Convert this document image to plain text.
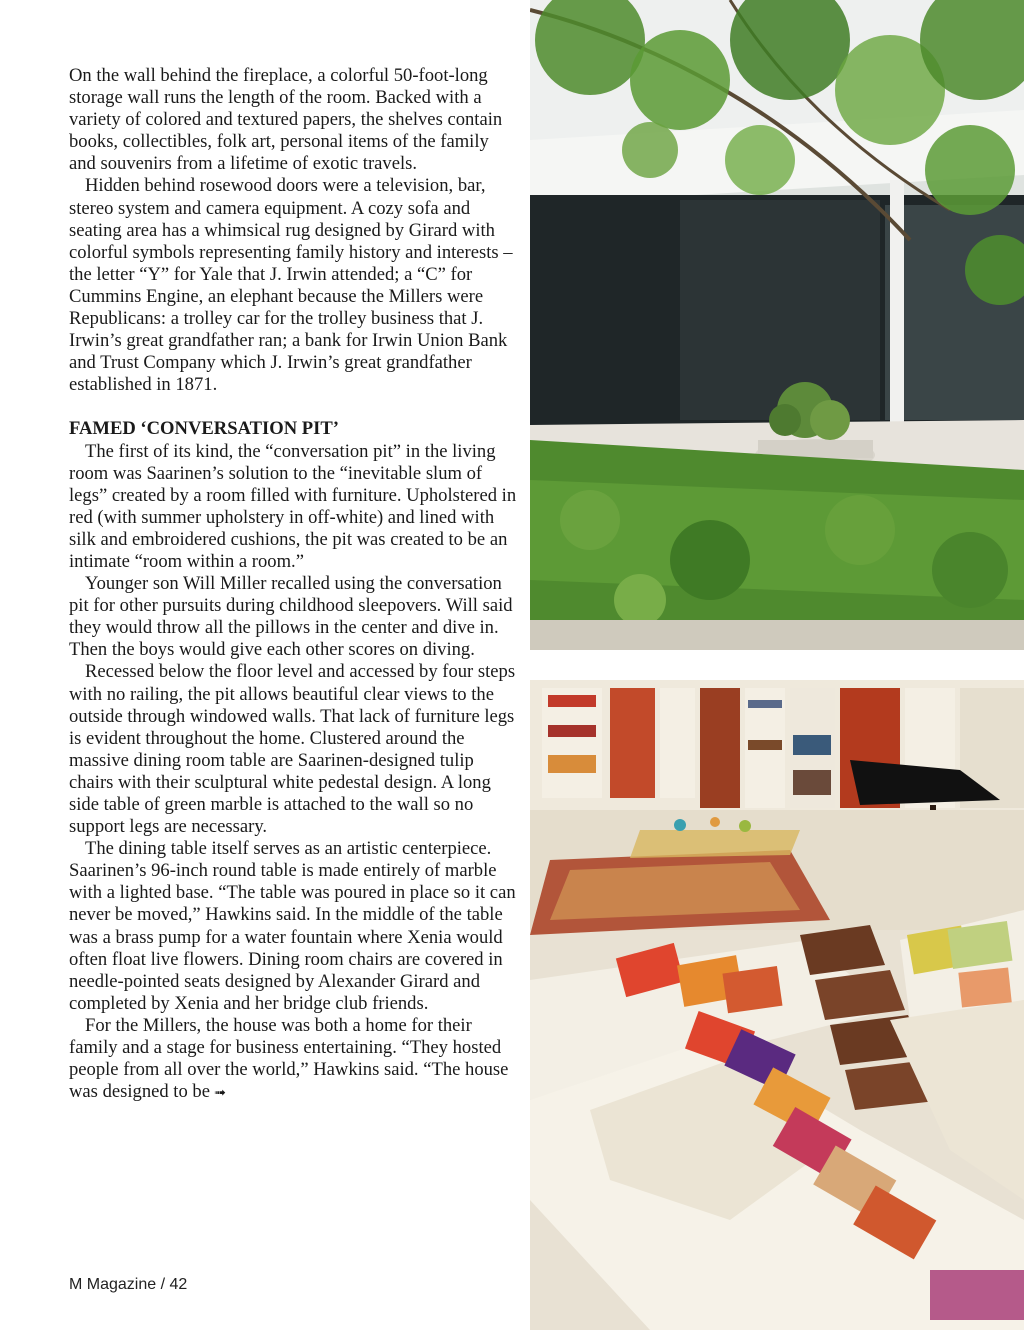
On the wall behind the fireplace, a colorful 50-foot-long storage wall runs the length of the room. Backed with a variety of colored and textured papers, the shelves contain books, collectibles, folk art, personal items of the family and souvenirs from a lifetime of exotic travels.

Hidden behind rosewood doors were a television, bar, stereo system and camera equipment. A cozy sofa and seating area has a whimsical rug designed by Girard with colorful symbols representing family history and interests – the letter “Y” for Yale that J. Irwin attended; a “C” for Cummins Engine, an elephant because the Millers were Republicans: a trolley car for the trolley business that J. Irwin’s great grandfather ran; a bank for Irwin Union Bank and Trust Company which J. Irwin’s great grandfather established in 1871.

FAMED ‘CONVERSATION PIT’

The first of its kind, the “conversation pit” in the living room was Saarinen’s solution to the “inevitable slum of legs” created by a room filled with furniture. Upholstered in red (with summer upholstery in off-white) and lined with silk and embroidered cushions, the pit was created to be an intimate “room within a room.”

Younger son Will Miller recalled using the conversation pit for other pursuits during childhood sleepovers. Will said they would throw all the pillows in the center and dive in. Then the boys would give each other scores on diving.

Recessed below the floor level and accessed by four steps with no railing, the pit allows beautiful clear views to the outside through windowed walls. That lack of furniture legs is evident throughout the home. Clustered around the massive dining room table are Saarinen-designed tulip chairs with their sculptural white pedestal design. A long side table of green marble is attached to the wall so no support legs are necessary.

The dining table itself serves as an artistic centerpiece. Saarinen’s 96-inch round table is made entirely of marble with a lighted base. “The table was poured in place so it can never be moved,” Hawkins said. In the middle of the table was a brass pump for a water fountain where Xenia would often float live flowers. Dining room chairs are covered in needle-pointed seats designed by Alexander Girard and completed by Xenia and her bridge club friends.

For the Millers, the house was both a home for their family and a stage for business entertaining. “They hosted people from all over the world,” Hawkins said. “The house was designed to be ➟

M Magazine / 42
